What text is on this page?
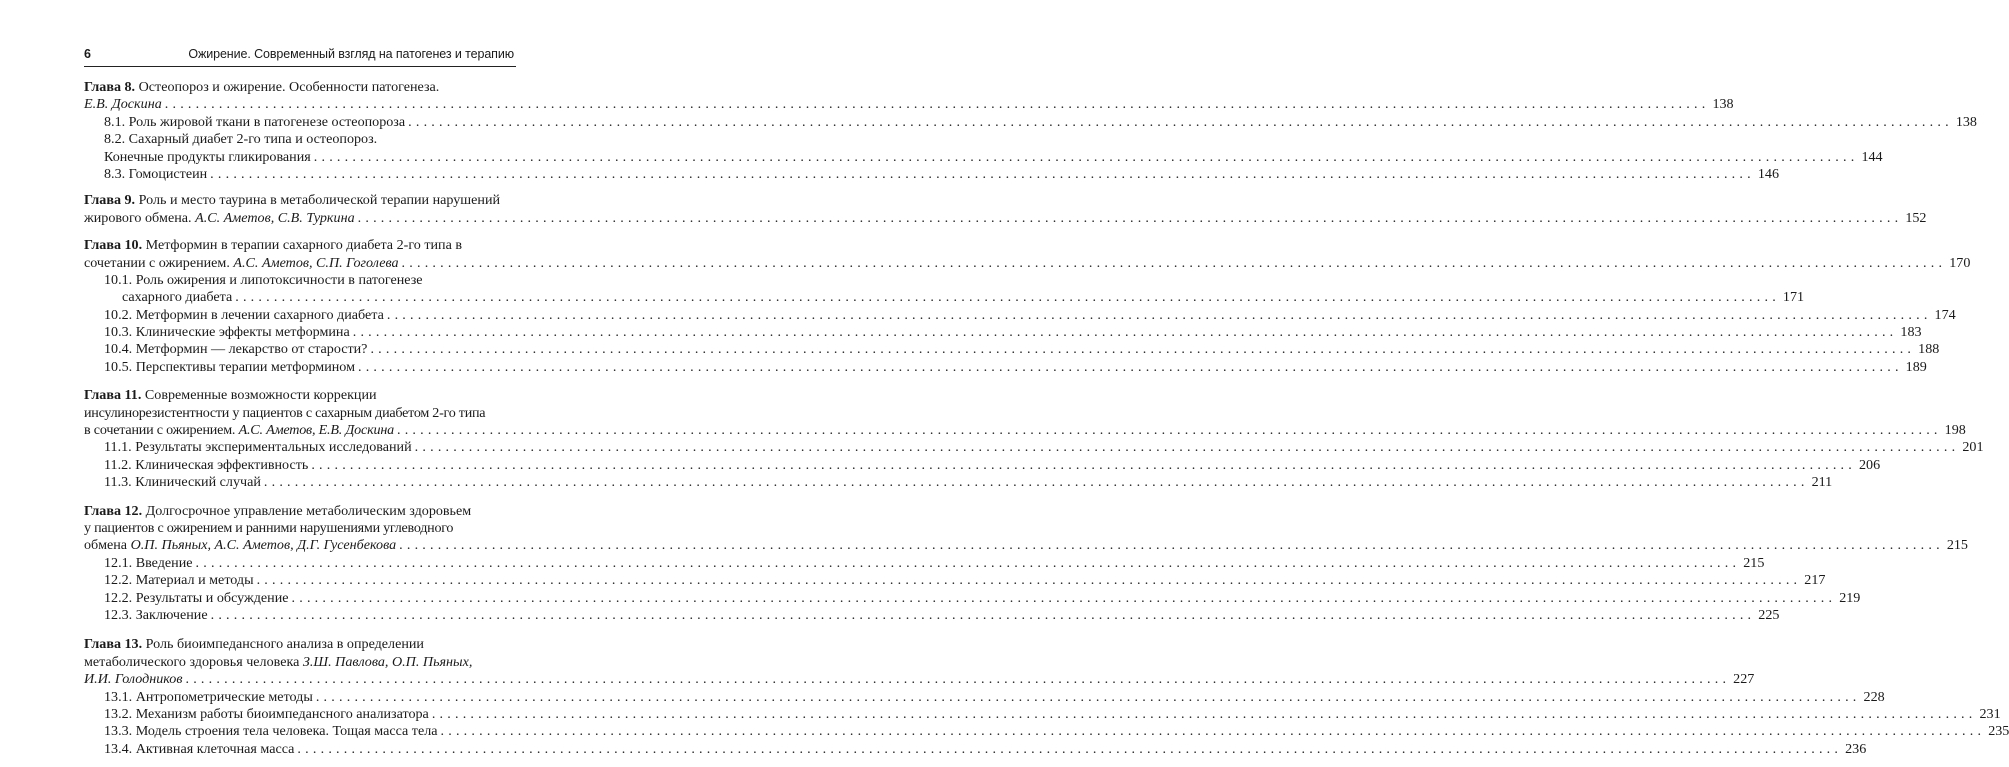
6	Ожирение. Современный взгляд на патогенез и терапию
Глава 8. Остеопороз и ожирение. Особенности патогенеза.
Е.В. Доскина ........................................................................................................................................................................................................ 138
8.1. Роль жировой ткани в патогенезе остеопороза ........................................................................................................................................................................................................ 138
8.2. Сахарный диабет 2-го типа и остеопороз.
Конечные продукты гликирования ........................................................................................................................................................................................................ 144
8.3. Гомоцистеин ........................................................................................................................................................................................................ 146
Глава 9. Роль и место таурина в метаболической терапии нарушений
жирового обмена. А.С. Аметов, С.В. Туркина ........................................................................................................................................................................................................ 152
Глава 10. Метформин в терапии сахарного диабета 2-го типа в
сочетании с ожирением. А.С. Аметов, С.П. Гоголева ........................................................................................................................................................................................................ 170
10.1. Роль ожирения и липотоксичности в патогенезе
сахарного диабета ........................................................................................................................................................................................................ 171
10.2. Метформин в лечении сахарного диабета ........................................................................................................................................................................................................ 174
10.3. Клинические эффекты метформина ........................................................................................................................................................................................................ 183
10.4. Метформин — лекарство от старости? ........................................................................................................................................................................................................ 188
10.5. Перспективы терапии метформином ........................................................................................................................................................................................................ 189
Глава 11. Современные возможности коррекции
инсулинорезистентности у пациентов с сахарным диабетом 2-го типа
в сочетании с ожирением. А.С. Аметов, Е.В. Доскина ........................................................................................................................................................................................................ 198
11.1. Результаты экспериментальных исследований ........................................................................................................................................................................................................ 201
11.2. Клиническая эффективность ........................................................................................................................................................................................................ 206
11.3. Клинический случай ........................................................................................................................................................................................................ 211
Глава 12. Долгосрочное управление метаболическим здоровьем
у пациентов с ожирением и ранними нарушениями углеводного
обмена О.П. Пьяных, А.С. Аметов, Д.Г. Гусенбекова ........................................................................................................................................................................................................ 215
12.1. Введение ........................................................................................................................................................................................................ 215
12.2. Материал и методы ........................................................................................................................................................................................................ 217
12.2. Результаты и обсуждение ........................................................................................................................................................................................................ 219
12.3. Заключение ........................................................................................................................................................................................................ 225
Глава 13. Роль биоимпедансного анализа в определении
метаболического здоровья человека З.Ш. Павлова, О.П. Пьяных,
И.И. Голодников ........................................................................................................................................................................................................ 227
13.1. Антропометрические методы ........................................................................................................................................................................................................ 228
13.2. Механизм работы биоимпедансного анализатора ........................................................................................................................................................................................................ 231
13.3. Модель строения тела человека. Тощая масса тела ........................................................................................................................................................................................................ 235
13.4. Активная клеточная масса ........................................................................................................................................................................................................ 236
